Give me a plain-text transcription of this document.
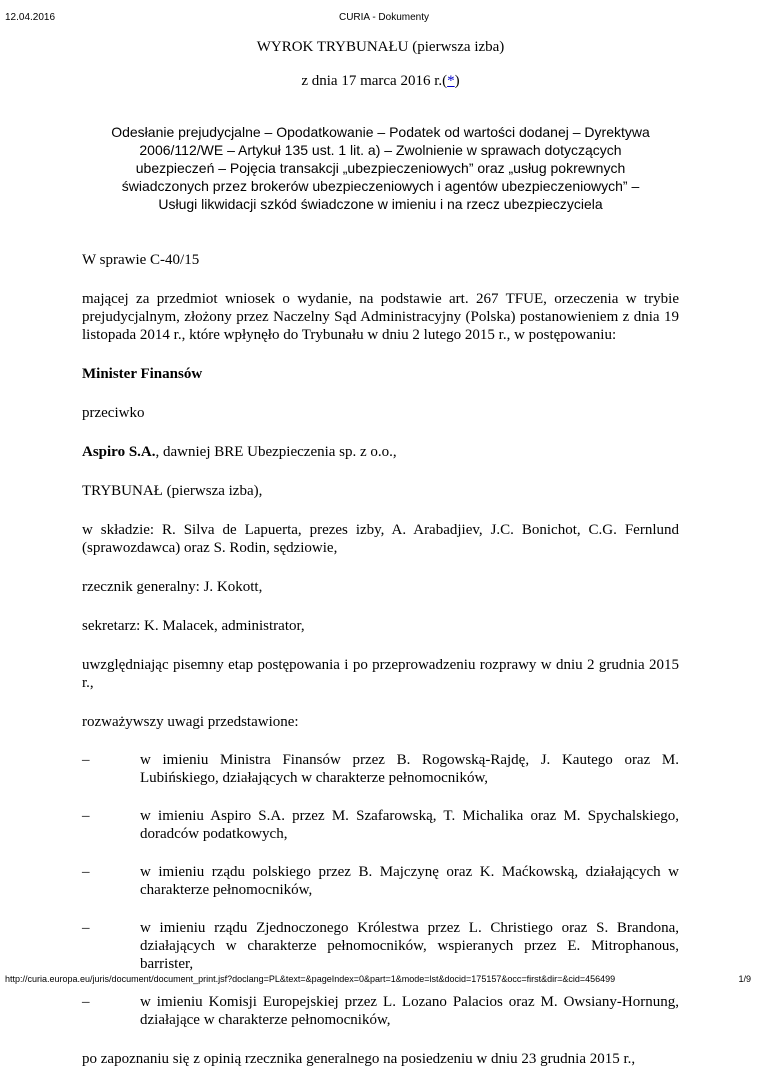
12.04.2016	CURIA - Dokumenty
WYROK TRYBUNAŁU (pierwsza izba)
z dnia 17 marca 2016 r.(*)
Odesłanie prejudycjalne – Opodatkowanie – Podatek od wartości dodanej – Dyrektywa 2006/112/WE – Artykuł 135 ust. 1 lit. a) – Zwolnienie w sprawach dotyczących ubezpieczeń – Pojęcia transakcji „ubezpieczeniowych” oraz „usług pokrewnych świadczonych przez brokerów ubezpieczeniowych i agentów ubezpieczeniowych” – Usługi likwidacji szkód świadczone w imieniu i na rzecz ubezpieczyciela
W sprawie C‑40/15
mającej za przedmiot wniosek o wydanie, na podstawie art. 267 TFUE, orzeczenia w trybie prejudycjalnym, złożony przez Naczelny Sąd Administracyjny (Polska) postanowieniem z dnia 19 listopada 2014 r., które wpłynęło do Trybunału w dniu 2 lutego 2015 r., w postępowaniu:
Minister Finansów
przeciwko
Aspiro S.A., dawniej BRE Ubezpieczenia sp. z o.o.,
TRYBUNAŁ (pierwsza izba),
w składzie: R. Silva de Lapuerta, prezes izby, A. Arabadjiev, J.C. Bonichot, C.G. Fernlund (sprawozdawca) oraz S. Rodin, sędziowie,
rzecznik generalny: J. Kokott,
sekretarz: K. Malacek, administrator,
uwzględniając pisemny etap postępowania i po przeprowadzeniu rozprawy w dniu 2 grudnia 2015 r.,
rozważywszy uwagi przedstawione:
–	w imieniu Ministra Finansów przez B. Rogowską-Rajdę, J. Kautego oraz M. Lubińskiego, działających w charakterze pełnomocników,
–	w imieniu Aspiro S.A. przez M. Szafarowską, T. Michalika oraz M. Spychalskiego, doradców podatkowych,
–	w imieniu rządu polskiego przez B. Majczynę oraz K. Maćkowską, działających w charakterze pełnomocników,
–	w imieniu rządu Zjednoczonego Królestwa przez L. Christiego oraz S. Brandona, działających w charakterze pełnomocników, wspieranych przez E. Mitrophanous, barrister,
–	w imieniu Komisji Europejskiej przez L. Lozano Palacios oraz M. Owsiany-Hornung, działające w charakterze pełnomocników,
po zapoznaniu się z opinią rzecznika generalnego na posiedzeniu w dniu 23 grudnia 2015 r.,
http://curia.europa.eu/juris/document/document_print.jsf?doclang=PL&text=&pageIndex=0&part=1&mode=lst&docid=175157&occ=first&dir=&cid=456499	1/9
